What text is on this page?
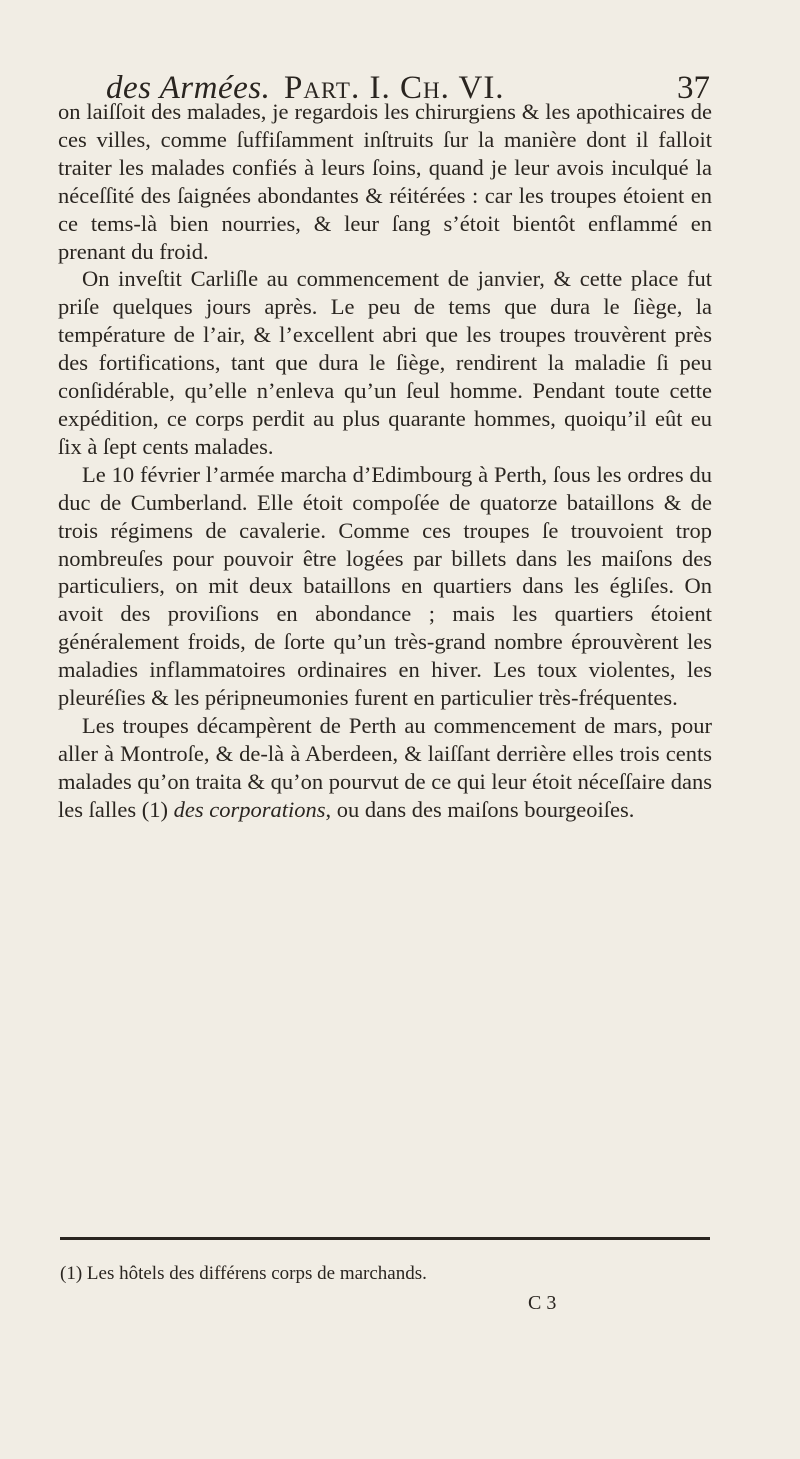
des Armées. Part. I. Ch. VI.	37

on laiſſoit des malades, je regardois les chirurgiens & les apothicaires de ces villes, comme ſuffiſamment inſtruits ſur la manière dont il falloit traiter les malades confiés à leurs ſoins, quand je leur avois inculqué la néceſſité des ſaignées abondantes & réitérées : car les troupes étoient en ce tems-là bien nourries, & leur ſang s’étoit bientôt enflammé en prenant du froid.

On inveſtit Carliſle au commencement de janvier, & cette place fut priſe quelques jours après. Le peu de tems que dura le ſiège, la température de l’air, & l’excellent abri que les troupes trouvèrent près des fortifications, tant que dura le ſiège, rendirent la maladie ſi peu conſidérable, qu’elle n’enleva qu’un ſeul homme. Pendant toute cette expédition, ce corps perdit au plus quarante hommes, quoiqu’il eût eu ſix à ſept cents malades.

Le 10 février l’armée marcha d’Edimbourg à Perth, ſous les ordres du duc de Cumberland. Elle étoit compoſée de quatorze bataillons & de trois régimens de cavalerie. Comme ces troupes ſe trouvoient trop nombreuſes pour pouvoir être logées par billets dans les maiſons des particuliers, on mit deux bataillons en quartiers dans les égliſes. On avoit des proviſions en abondance ; mais les quartiers étoient généralement froids, de ſorte qu’un très-grand nombre éprouvèrent les maladies inflammatoires ordinaires en hiver. Les toux violentes, les pleuréſies & les péripneumonies furent en particulier très-fréquentes.

Les troupes décampèrent de Perth au commencement de mars, pour aller à Montroſe, & de-là à Aberdeen, & laiſſant derrière elles trois cents malades qu’on traita & qu’on pourvut de ce qui leur étoit néceſſaire dans les ſalles (1) des corporations, ou dans des maiſons bourgeoiſes.

(1) Les hôtels des différens corps de marchands.
C 3
